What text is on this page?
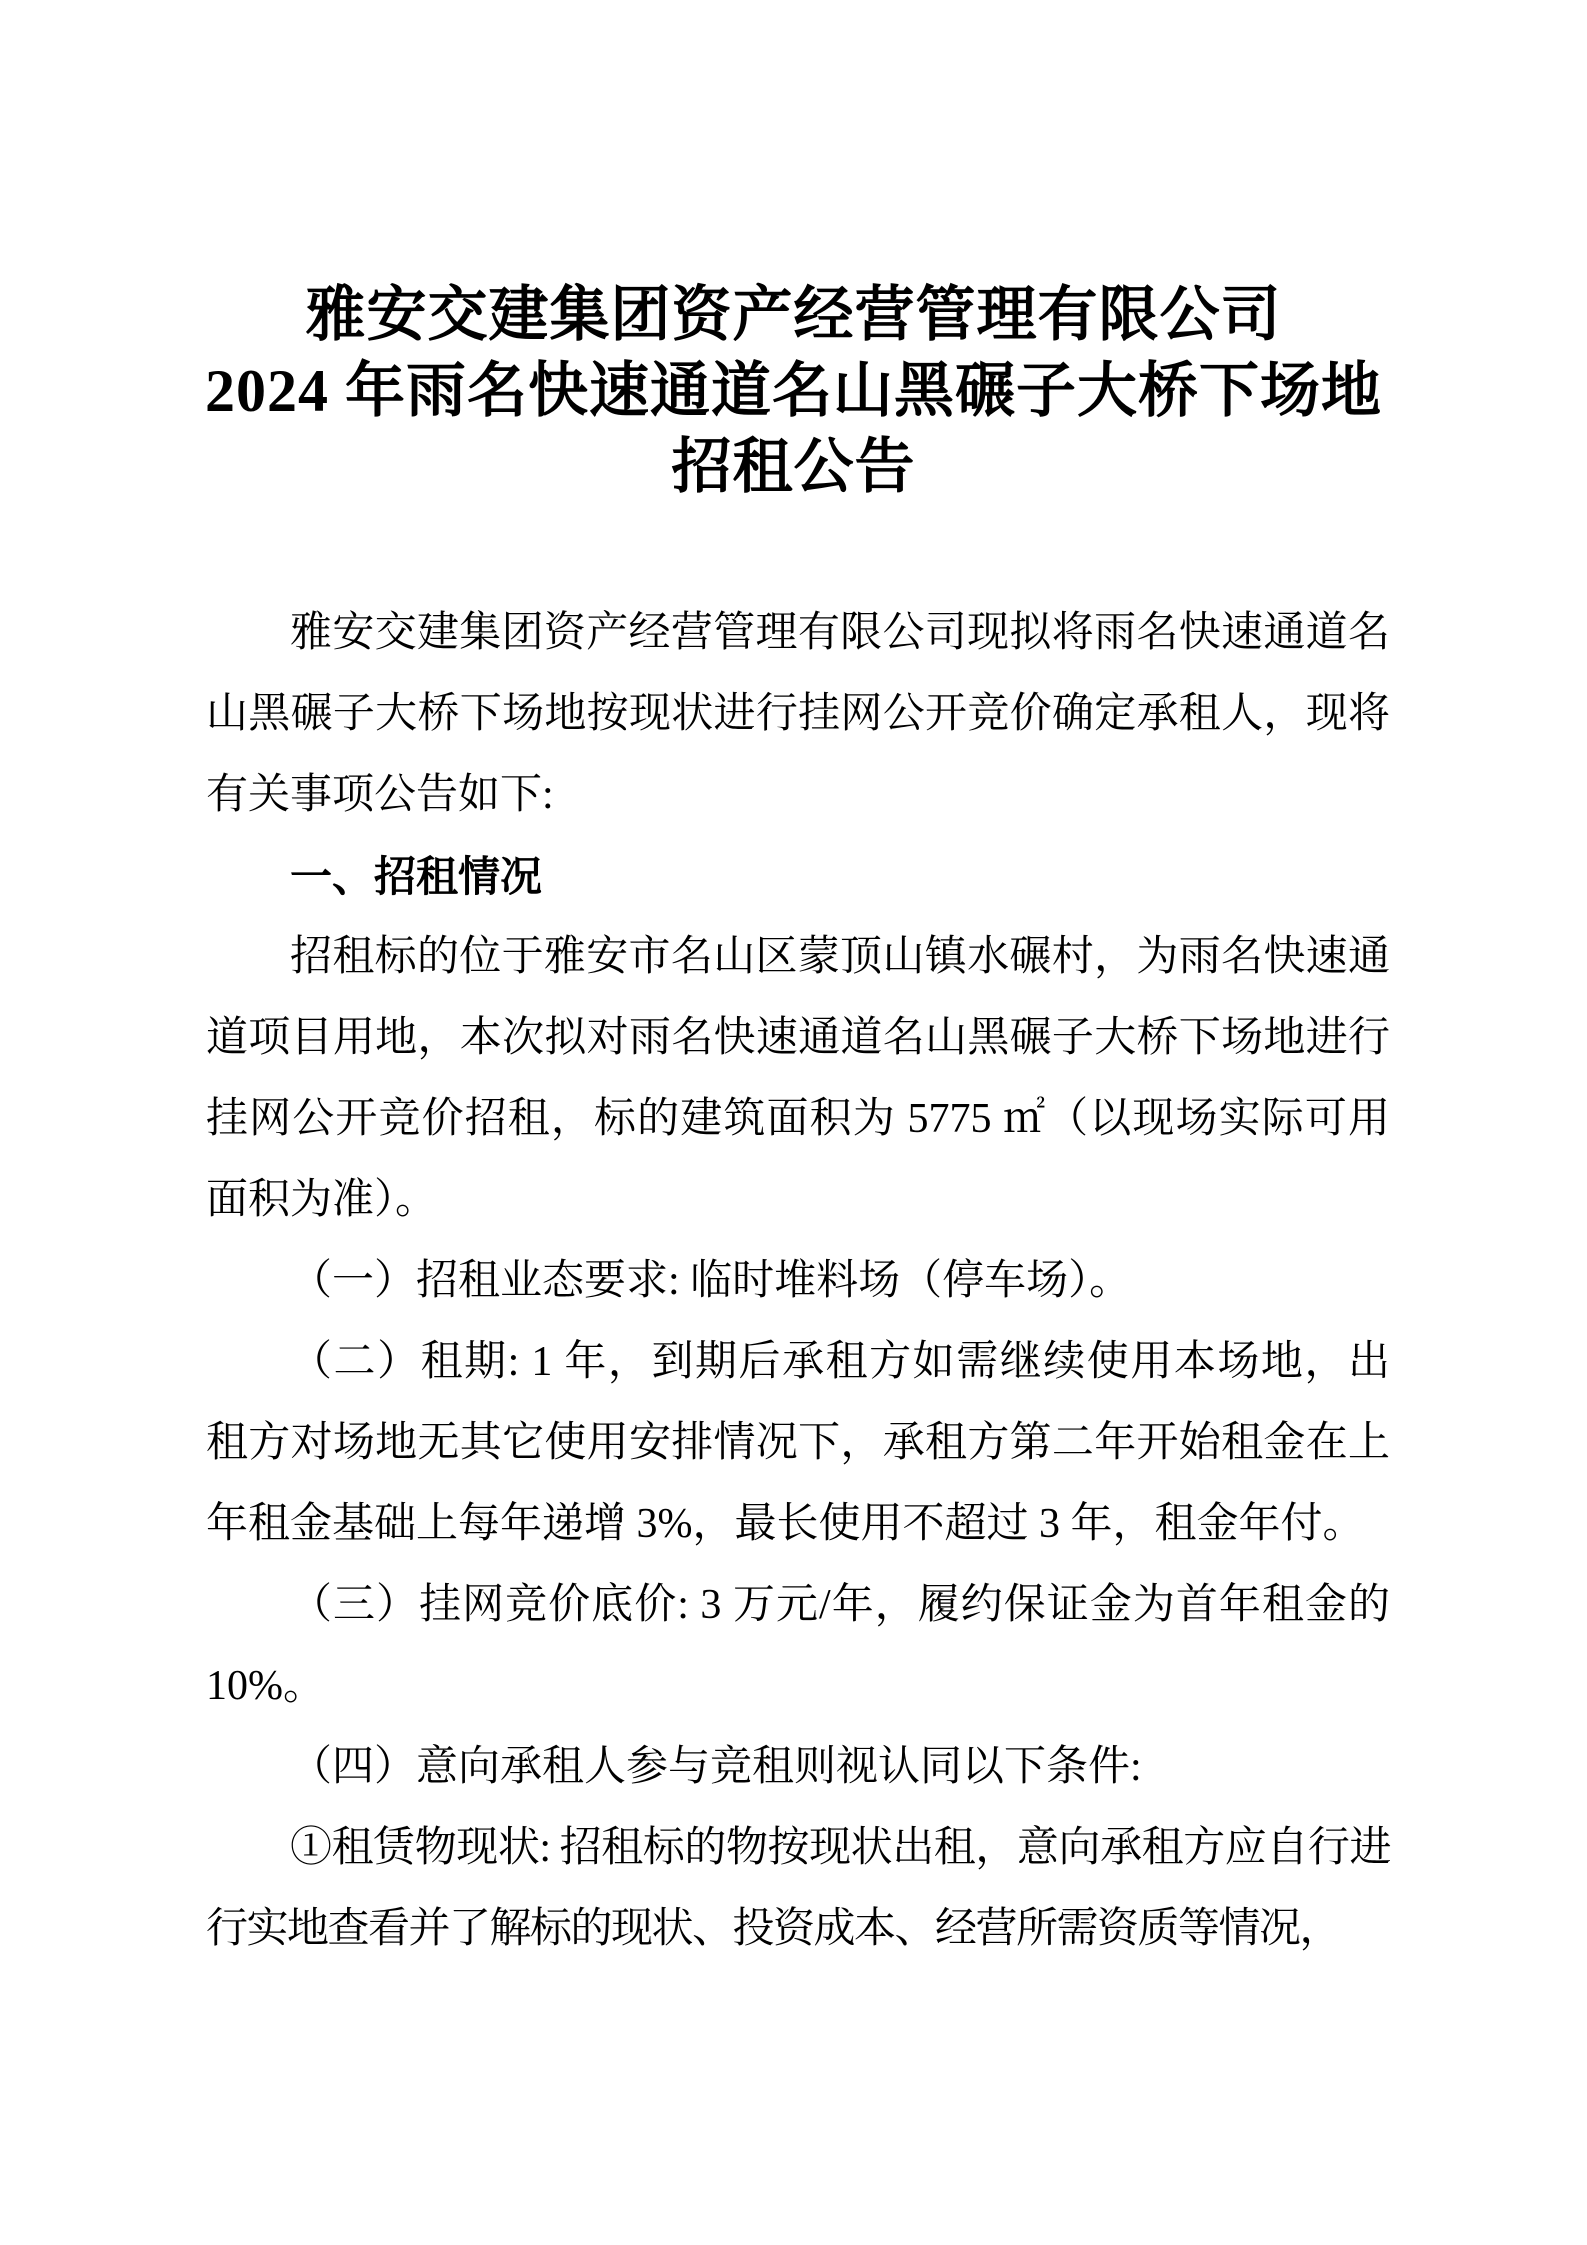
雅安交建集团资产经营管理有限公司
2024 年雨名快速通道名山黑碾子大桥下场地
招租公告

雅安交建集团资产经营管理有限公司现拟将雨名快速通道名山黑碾子大桥下场地按现状进行挂网公开竞价确定承租人，现将有关事项公告如下:

一、招租情况

招租标的位于雅安市名山区蒙顶山镇水碾村，为雨名快速通道项目用地，本次拟对雨名快速通道名山黑碾子大桥下场地进行挂网公开竞价招租，标的建筑面积为 5775 ㎡（以现场实际可用面积为准）。

（一）招租业态要求: 临时堆料场（停车场）。

（二）租期: 1 年，到期后承租方如需继续使用本场地，出租方对场地无其它使用安排情况下，承租方第二年开始租金在上年租金基础上每年递增 3%，最长使用不超过 3 年，租金年付。

（三）挂网竞价底价: 3 万元/年，履约保证金为首年租金的 10%。

（四）意向承租人参与竞租则视认同以下条件:

①租赁物现状: 招租标的物按现状出租，意向承租方应自行进行实地查看并了解标的现状、投资成本、经营所需资质等情况，
